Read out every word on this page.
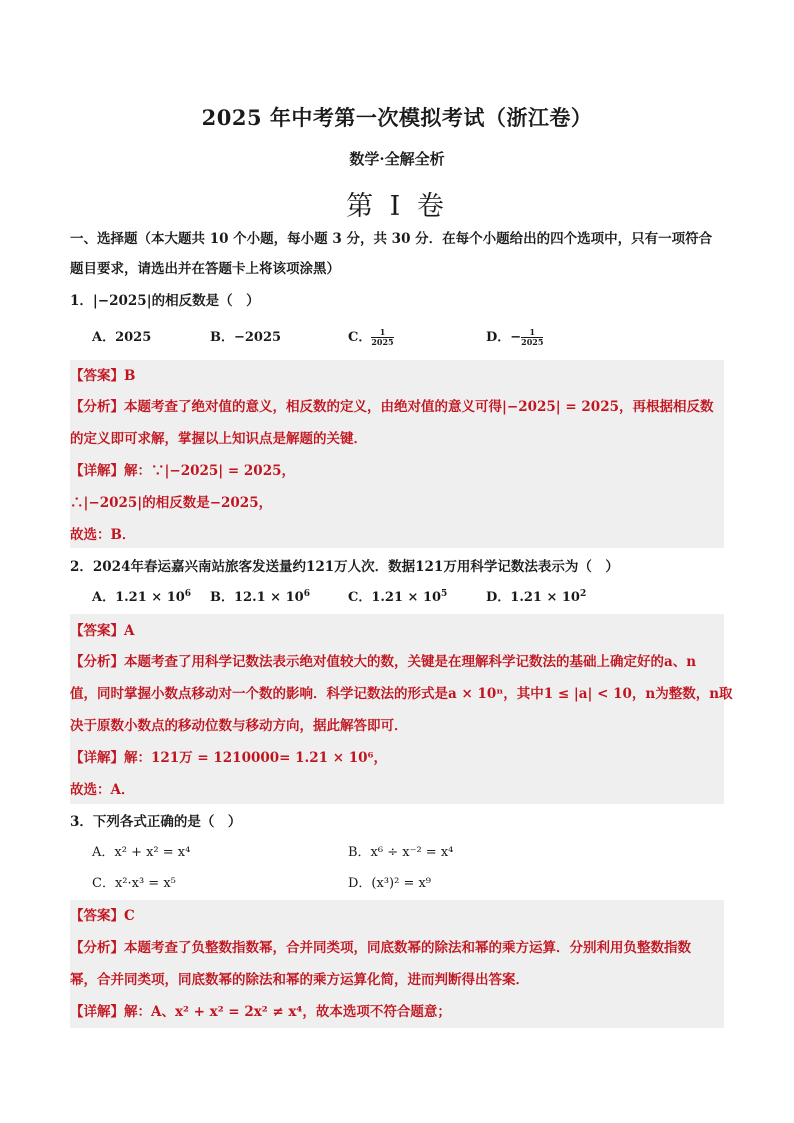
2025 年中考第一次模拟考试（浙江卷）
数学·全解全析
第 I 卷
一、选择题（本大题共 10 个小题，每小题 3 分，共 30 分．在每个小题给出的四个选项中，只有一项符合
题目要求，请选出并在答题卡上将该项涂黑）
1．|−2025|的相反数是（　）
A．2025	B．−2025	C． $\frac{1}{2025}$	D．− $\frac{1}{2025}$
【答案】B
【分析】本题考查了绝对值的意义，相反数的定义，由绝对值的意义可得|−2025| = 2025，再根据相反数
的定义即可求解，掌握以上知识点是解题的关键．
【详解】解：∵|−2025| = 2025，
∴|−2025|的相反数是−2025，
故选：B．
2．2024年春运嘉兴南站旅客发送量约121万人次．数据121万用科学记数法表示为（　）
A．$1.21 \times 10^6$ B．$12.1 \times 10^6$	C．$1.21 \times 10^5$	D．$1.21 \times 10^2$
【答案】A
【分析】本题考查了用科学记数法表示绝对值较大的数，关键是在理解科学记数法的基础上确定好的a、n
值，同时掌握小数点移动对一个数的影响．科学记数法的形式是a × 10ⁿ，其中1 ≤ |a| < 10，n为整数，n取
决于原数小数点的移动位数与移动方向，据此解答即可．
【详解】解：121万 = 1210000= 1.21 × 10⁶，
故选：A．
3．下列各式正确的是（　）
A．x² + x² = x⁴	B．x⁶ ÷ x⁻² = x⁴
C．x²·x³ = x⁵	D．(x³)² = x⁹
【答案】C
【分析】本题考查了负整数指数幂，合并同类项，同底数幂的除法和幂的乘方运算．分别利用负整数指数
幂，合并同类项，同底数幂的除法和幂的乘方运算化简，进而判断得出答案．
【详解】解：A、x² + x² = 2x² ≠ x⁴，故本选项不符合题意；
